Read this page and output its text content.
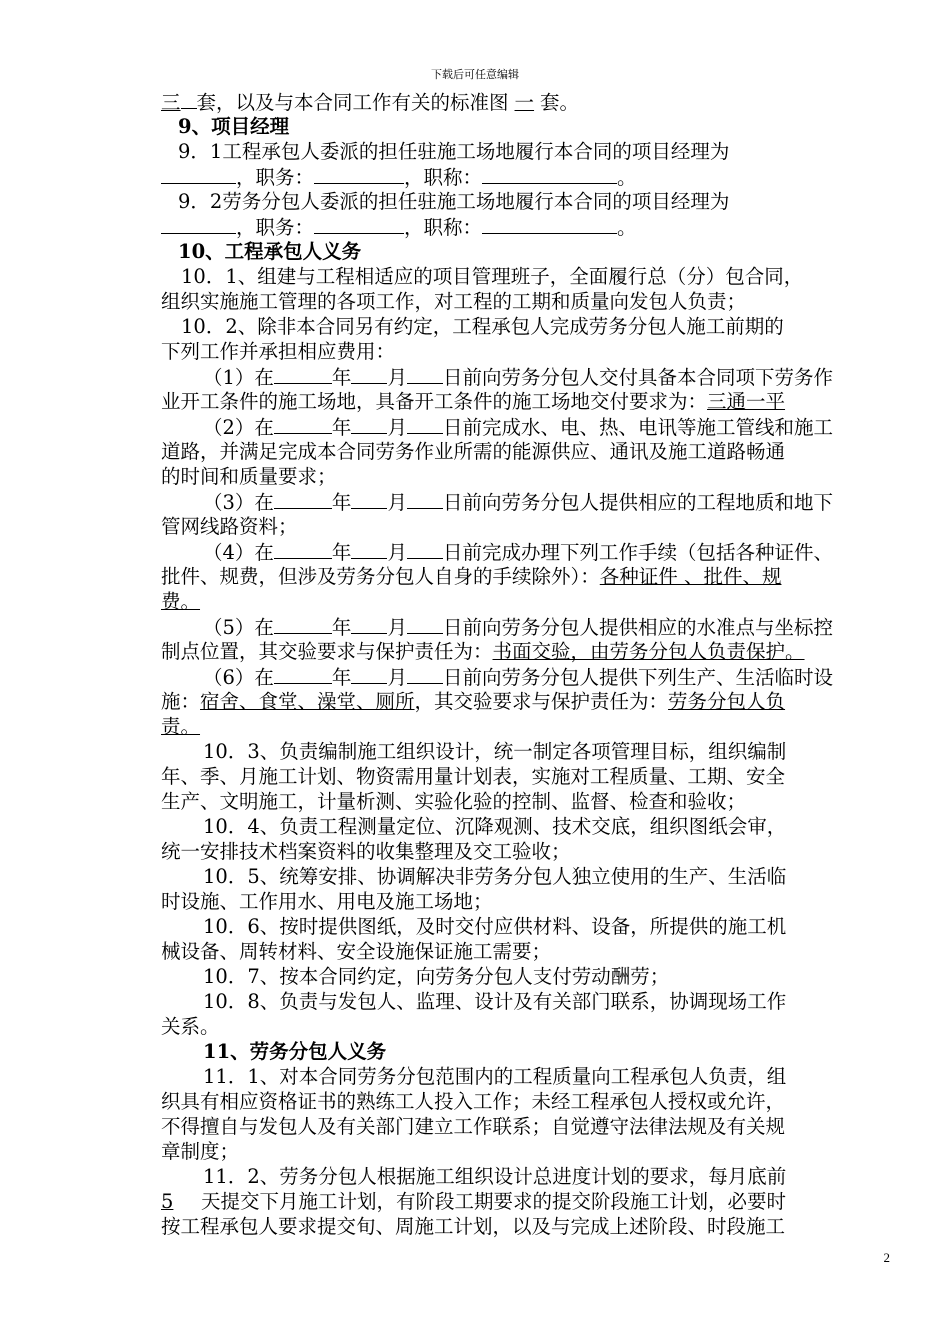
下载后可任意编辑
三 套，以及与本合同工作有关的标准图 一 套。
9、项目经理
9．1工程承包人委派的担任驻施工场地履行本合同的项目经理为
，职务：	，职称：	。
9．2劳务分包人委派的担任驻施工场地履行本合同的项目经理为
，职务：	，职称：	。
10、工程承包人义务
10．1、组建与工程相适应的项目管理班子，全面履行总（分）包合同，
组织实施施工管理的各项工作，对工程的工期和质量向发包人负责；
10．2、除非本合同另有约定，工程承包人完成劳务分包人施工前期的
下列工作并承担相应费用：
（1）在	年 月 日前向劳务分包人交付具备本合同项下劳务作
业开工条件的施工场地，具备开工条件的施工场地交付要求为：三通一平
（2）在	年 月 日前完成水、电、热、电讯等施工管线和施工
道路，并满足完成本合同劳务作业所需的能源供应、通讯及施工道路畅通
的时间和质量要求；
（3）在	年 月 日前向劳务分包人提供相应的工程地质和地下
管网线路资料；
（4）在	年 月 日前完成办理下列工作手续（包括各种证件、
批件、规费，但涉及劳务分包人自身的手续除外）：各种证件 、批件、规
费。
（5）在	年 月 日前向劳务分包人提供相应的水准点与坐标控
制点位置，其交验要求与保护责任为：书面交验，由劳务分包人负责保护。
（6）在	年 月 日前向劳务分包人提供下列生产、生活临时设
施：宿舍、食堂、澡堂、厕所，其交验要求与保护责任为：劳务分包人负
责。
10．3、负责编制施工组织设计，统一制定各项管理目标，组织编制
年、季、月施工计划、物资需用量计划表，实施对工程质量、工期、安全
生产、文明施工，计量析测、实验化验的控制、监督、检查和验收；
10．4、负责工程测量定位、沉降观测、技术交底，组织图纸会审，
统一安排技术档案资料的收集整理及交工验收；
10．5、统筹安排、协调解决非劳务分包人独立使用的生产、生活临
时设施、工作用水、用电及施工场地；
10．6、按时提供图纸，及时交付应供材料、设备，所提供的施工机
械设备、周转材料、安全设施保证施工需要；
10．7、按本合同约定，向劳务分包人支付劳动酬劳；
10．8、负责与发包人、监理、设计及有关部门联系，协调现场工作
关系。
11、劳务分包人义务
11．1、对本合同劳务分包范围内的工程质量向工程承包人负责，组
织具有相应资格证书的熟练工人投入工作；未经工程承包人授权或允许，
不得擅自与发包人及有关部门建立工作联系；自觉遵守法律法规及有关规
章制度；
11．2、劳务分包人根据施工组织设计总进度计划的要求，每月底前
5 天提交下月施工计划，有阶段工期要求的提交阶段施工计划，必要时
按工程承包人要求提交旬、周施工计划，以及与完成上述阶段、时段施工
2
